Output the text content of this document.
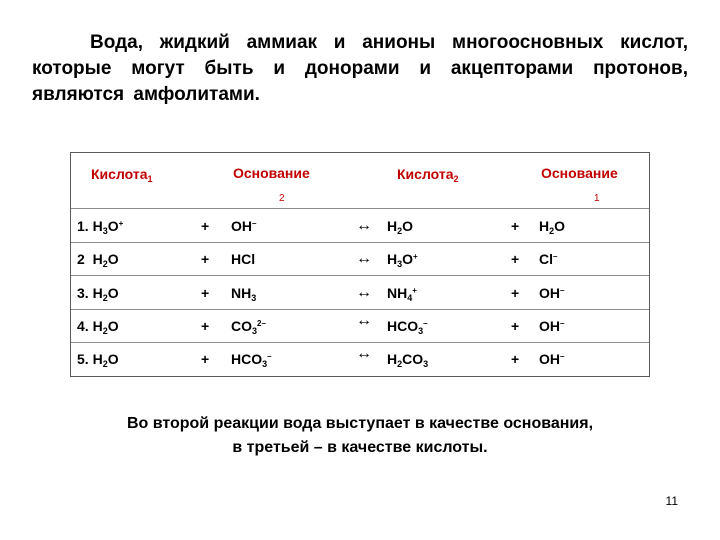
Вода, жидкий аммиак и анионы многоосновных кислот, которые могут быть и донорами и акцепторами протонов, являются амфолитами.

Кислота$_1$	Основание
2
Кислота$_2$	Основание
1
1. $H_3O^+$	+ OH–	↔ $H_2O$	+ $H_2O$
2  $H_2O$	+ HCl	↔ $H_3O^+$	+ Cl–
3. $H_2O$	+ $NH_3$	↔ $NH_4^+$	+ OH–
4. $H_2O$	+ $CO_3^{2-}$	↔ $HCO_3^-$	+ OH–
5. $H_2O$	+ $HCO_3^-$	↔ $H_2CO_3$	+ OH–
Во второй реакции вода выступает в качестве основания,
в третьей – в качестве кислоты.
11
